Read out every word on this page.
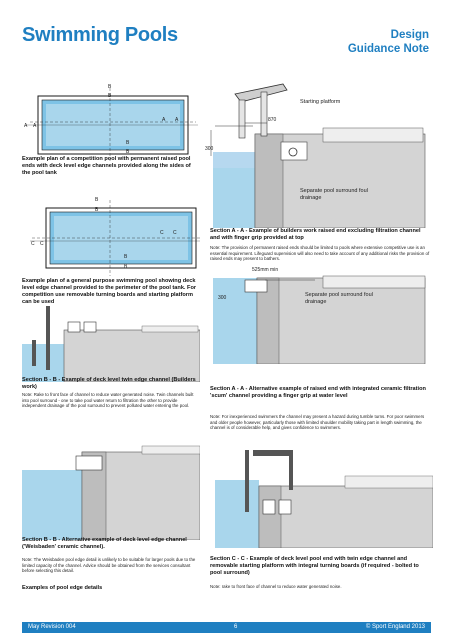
Swimming Pools	Design
Guidance Note
B
B
A A
A A
B
B
Example plan of a competition pool with permanent raised pool ends with deck level edge channels provided along the sides of the pool tank
B
B
C C
C C
B
B
Example plan of a general purpose swimming pool showing deck level edge channel provided to the perimeter of the pool tank. For competition use removable turning boards and starting platform can be used
Starting platform
870
300
Separate pool surround foul drainage
Section A - A - Example of builders work raised end excluding filtration channel and with finger grip provided at top
Note: The provision of permanent raised ends should be limited to pools where extensive competitive use is an essential requirement. Lifeguard supervision will also need to take account of any additional risks the provision of raised ends may present to bathers.
525mm min
300	Separate pool surround foul drainage
Section B - B - Example of deck level twin edge channel (Builders work)
Note: Rake to front face of channel to reduce water generated noise. Twin channels built into pool surround - one to take pool water return to filtration the other to provide independent drainage of the pool surround to prevent polluted water entering the pool.
Section A - A - Alternative example of raised end with integrated ceramic filtration 'scum' channel providing a finger grip at water level
Note: For inexperienced swimmers the channel may present a hazard during tumble turns. For poor swimmers and older people however, particularly those with limited shoulder mobility taking part in length swimming, the channel is of considerable help, and gives confidence to swimmers.
Section B - B - Alternative example of deck level edge channel ('Weisbaden' ceramic channel).
Note: The Weisbaden pool edge detail is unlikely to be suitable for larger pools due to the limited capacity of the channel. Advice should be obtained from the services consultant before selecting this detail.
Examples of pool edge details
Section C - C - Example of deck level pool end with twin edge channel and removable starting platform with integral turning boards (if required - bolted to pool surround)
Note: rake to front face of channel to reduce water generated noise.
May Revision 004	6	© Sport England 2013
